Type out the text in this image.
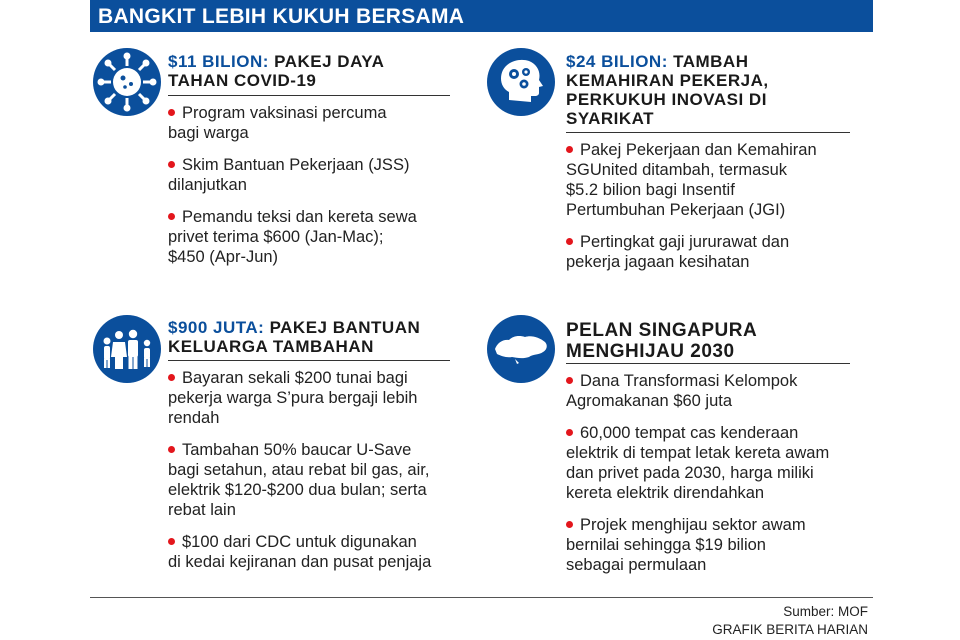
BANGKIT LEBIH KUKUH BERSAMA
$11 BILION: PAKEJ DAYA
TAHAN COVID-19
Program vaksinasi percuma
bagi warga
Skim Bantuan Pekerjaan (JSS)
dilanjutkan
Pemandu teksi dan kereta sewa
privet terima $600 (Jan-Mac);
$450 (Apr-Jun)
$24 BILION: TAMBAH
KEMAHIRAN PEKERJA,
PERKUKUH INOVASI DI
SYARIKAT
Pakej Pekerjaan dan Kemahiran
SGUnited ditambah, termasuk
$5.2 bilion bagi Insentif
Pertumbuhan Pekerjaan (JGI)
Pertingkat gaji jururawat dan
pekerja jagaan kesihatan
$900 JUTA: PAKEJ BANTUAN
KELUARGA TAMBAHAN
Bayaran sekali $200 tunai bagi
pekerja warga S’pura bergaji lebih
rendah
Tambahan 50% baucar U-Save
bagi setahun, atau rebat bil gas, air,
elektrik $120-$200 dua bulan; serta
rebat lain
$100 dari CDC untuk digunakan
di kedai kejiranan dan pusat penjaja
PELAN SINGAPURA
MENGHIJAU 2030
Dana Transformasi Kelompok
Agromakanan $60 juta
60,000 tempat cas kenderaan
elektrik di tempat letak kereta awam
dan privet pada 2030, harga miliki
kereta elektrik direndahkan
Projek menghijau sektor awam
bernilai sehingga $19 bilion
sebagai permulaan
Sumber: MOF
GRAFIK BERITA HARIAN
